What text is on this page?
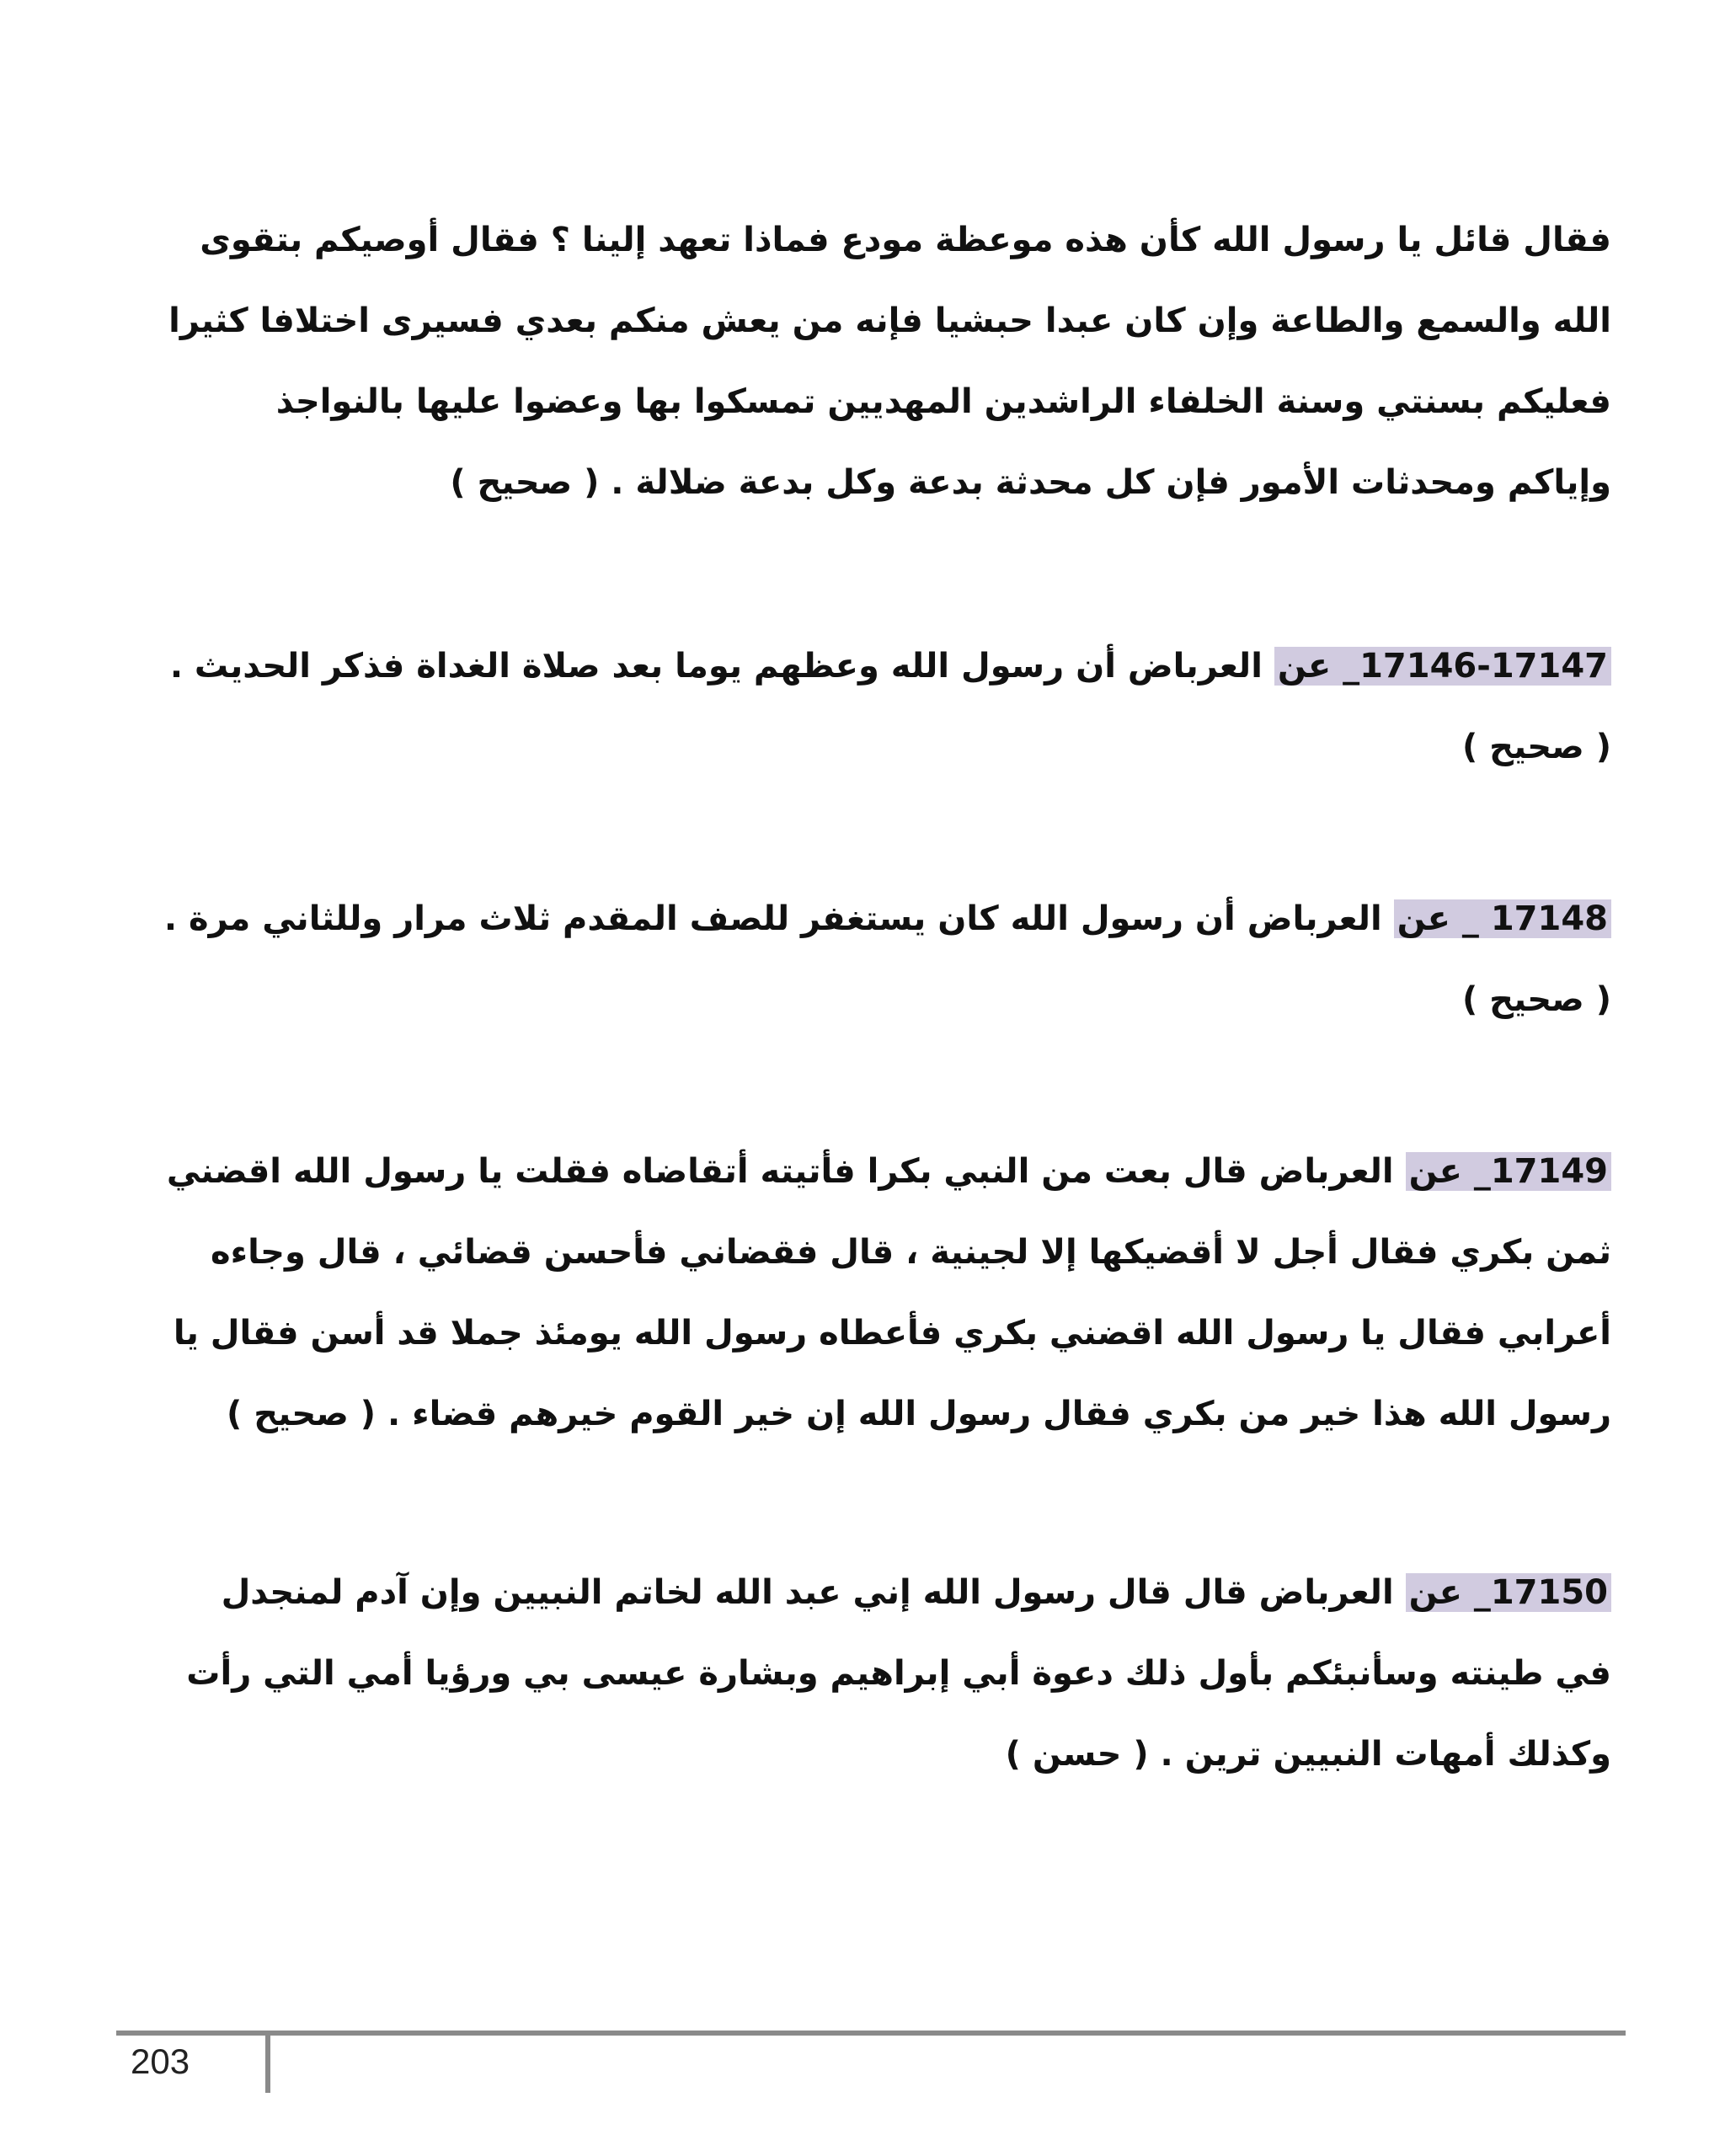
فقال قائل يا رسول الله كأن هذه موعظة مودع فماذا تعهد إلينا ؟ فقال أوصيكم بتقوى الله والسمع والطاعة وإن كان عبدا حبشيا فإنه من يعش منكم بعدي فسيرى اختلافا كثيرا فعليكم بسنتي وسنة الخلفاء الراشدين المهديين تمسكوا بها وعضوا عليها بالنواجذ وإياكم ومحدثات الأمور فإن كل محدثة بدعة وكل بدعة ضلالة . ( صحيح )

17146-17147_ عن العرباض أن رسول الله وعظهم يوما بعد صلاة الغداة فذكر الحديث . ( صحيح )

17148 _ عن العرباض أن رسول الله كان يستغفر للصف المقدم ثلاث مرار وللثاني مرة . ( صحيح )

17149_ عن العرباض قال بعت من النبي بكرا فأتيته أتقاضاه فقلت يا رسول الله اقضني ثمن بكري فقال أجل لا أقضيكها إلا لجينية ، قال فقضاني فأحسن قضائي ، قال وجاءه أعرابي فقال يا رسول الله اقضني بكري فأعطاه رسول الله يومئذ جملا قد أسن فقال يا رسول الله هذا خير من بكري فقال رسول الله إن خير القوم خيرهم قضاء . ( صحيح )

17150_ عن العرباض قال قال رسول الله إني عبد الله لخاتم النبيين وإن آدم لمنجدل في طينته وسأنبئكم بأول ذلك دعوة أبي إبراهيم وبشارة عيسى بي ورؤيا أمي التي رأت وكذلك أمهات النبيين ترين . ( حسن )

203
